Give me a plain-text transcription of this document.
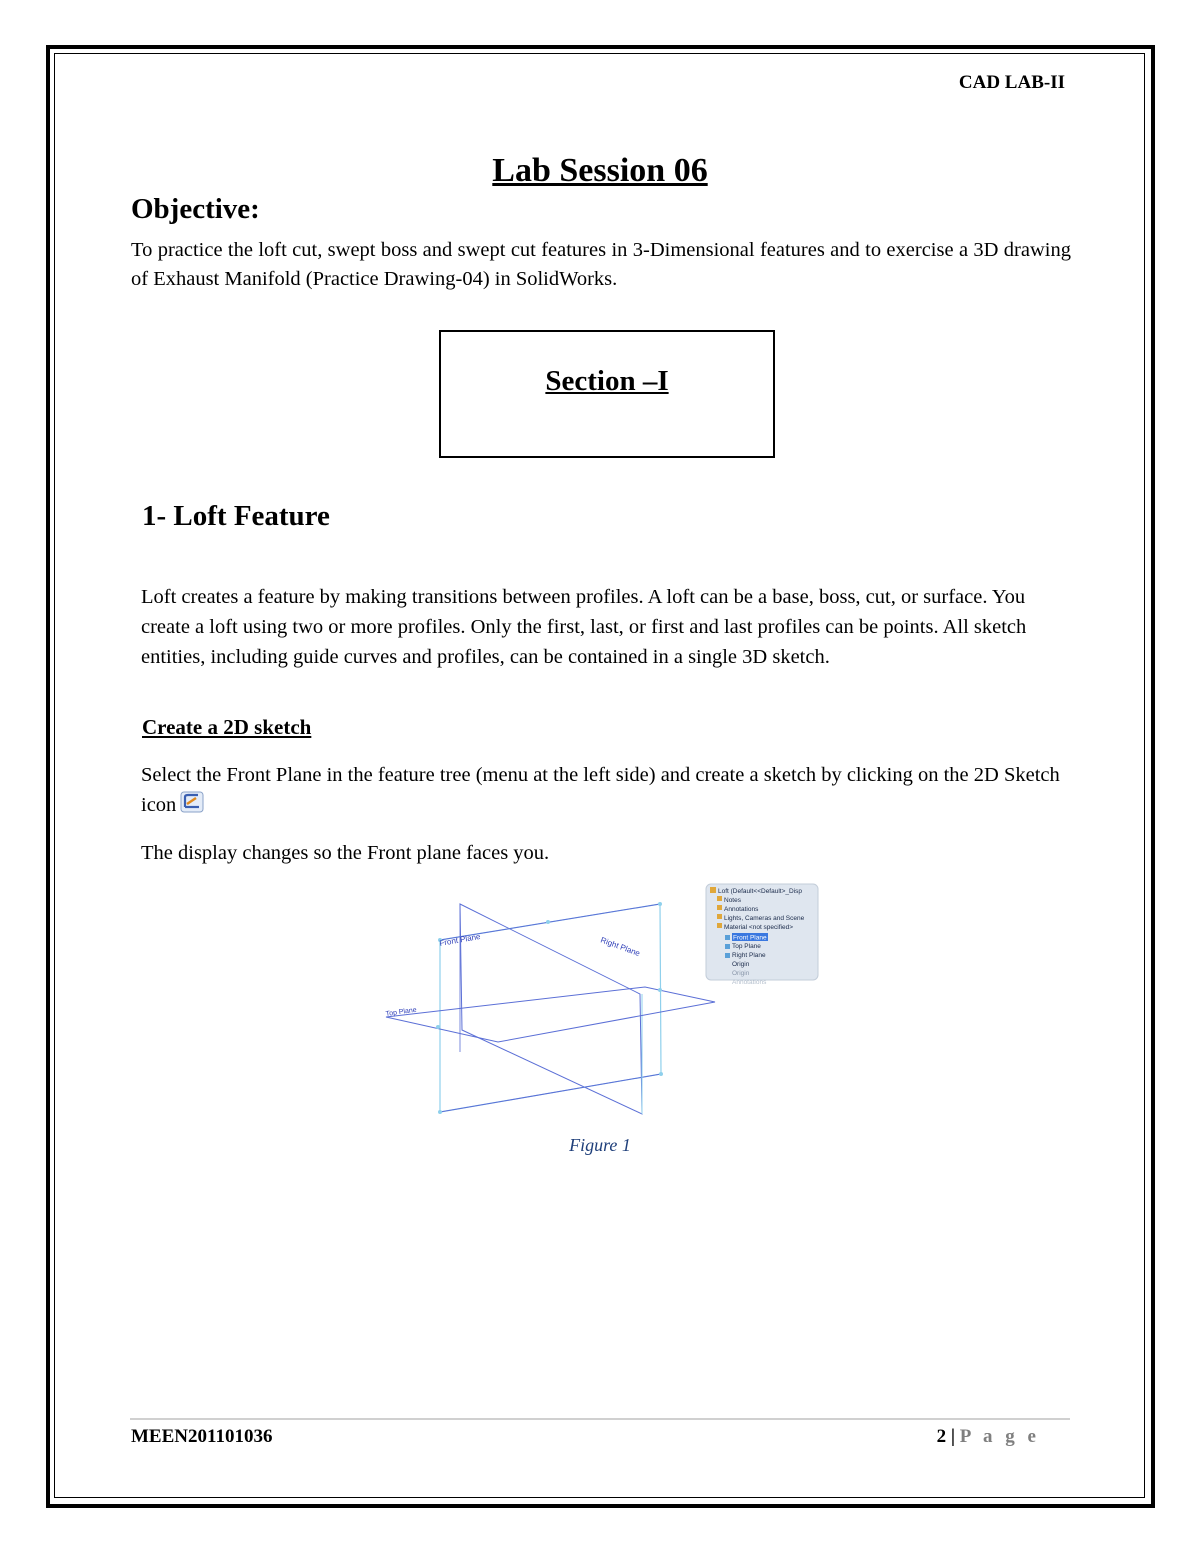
CAD LAB-II
Lab Session 06
Objective:
To practice the loft cut, swept boss and swept cut features in 3-Dimensional features and to exercise a 3D drawing of Exhaust Manifold (Practice Drawing-04) in SolidWorks.
Section –I
1- Loft Feature
Loft creates a feature by making transitions between profiles. A loft can be a base, boss, cut, or surface. You create a loft using two or more profiles. Only the first, last, or first and last profiles can be points. All sketch entities, including guide curves and profiles, can be contained in a single 3D sketch.
Create a 2D sketch
Select the Front Plane in the feature tree (menu at the left side) and create a sketch by clicking on the 2D Sketch icon
The display changes so the Front plane faces you.
Front Plane	Right Plane
Top Plane
Loft (Default<<Default>_Disp
Notes
Annotations
Lights, Cameras and Scene
Material <not specified>
Front Plane
Top Plane
Right Plane
Origin
Origin
Annotations
Figure 1
MEEN201101036	2 | P a g e
